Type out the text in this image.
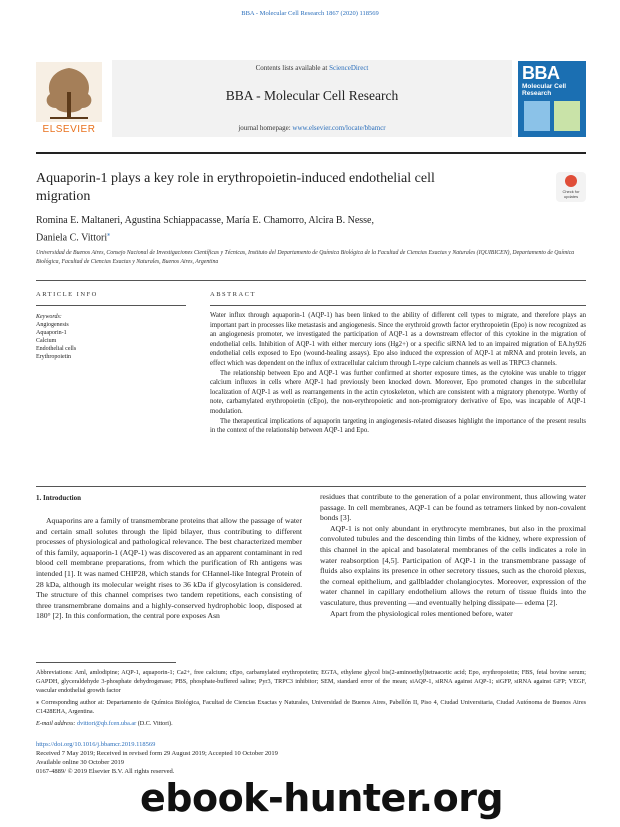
BBA - Molecular Cell Research 1867 (2020) 118569
ELSEVIER
Contents lists available at ScienceDirect
BBA - Molecular Cell Research
journal homepage: www.elsevier.com/locate/bbamcr
BBA
Molecular Cell Research
Aquaporin-1 plays a key role in erythropoietin-induced endothelial cell migration	Check for updates
Romina E. Maltaneri, Agustina Schiappacasse, María E. Chamorro, Alcira B. Nesse,
Daniela C. Vittori⁎
Universidad de Buenos Aires, Consejo Nacional de Investigaciones Científicas y Técnicas, Instituto del Departamento de Química Biológica de la Facultad de Ciencias Exactas y Naturales (IQUIBICEN), Departamento de Química Biológica, Facultad de Ciencias Exactas y Naturales, Buenos Aires, Argentina
ARTICLE INFO	ABSTRACT
Keywords:
Angiogenesis
Aquaporin-1
Calcium
Endothelial cells
Erythropoietin

Water influx through aquaporin-1 (AQP-1) has been linked to the ability of different cell types to migrate, and therefore plays an important part in processes like metastasis and angiogenesis. Since the erythroid growth factor erythropoietin (Epo) is now recognized as an angiogenesis promoter, we investigated the participation of AQP-1 as a downstream effector of this cytokine in the migration of endothelial cells. Inhibition of AQP-1 with either mercury ions (Hg2+) or a specific siRNA led to an impaired migration of EA.hy926 endothelial cells exposed to Epo (wound-healing assays). Epo also induced the expression of AQP-1 at mRNA and protein levels, an effect which was dependent on the influx of extracellular calcium through L-type calcium channels as well as TRPC3 channels.

The relationship between Epo and AQP-1 was further confirmed at shorter exposure times, as the cytokine was unable to trigger calcium influxes in cells where AQP-1 had previously been knocked down. Moreover, Epo promoted changes in the subcellular localization of AQP-1 as well as rearrangements in the actin cytoskeleton, which are consistent with a migratory phenotype. Worthy of note, carbamylated erythropoietin (cEpo), the non-erythropoietic and non-promigratory derivative of Epo, was incapable of AQP-1 modulation.

The therapeutical implications of aquaporin targeting in angiogenesis-related diseases highlight the importance of the present results in the context of the relationship between AQP-1 and Epo.

1. Introduction

Aquaporins are a family of transmembrane proteins that allow the passage of water and certain small solutes through the lipid bilayer, thus contributing to different processes of physiological and pathological relevance. The best characterized member of this family, aquaporin-1 (AQP-1) was discovered as an apparent contaminant in red blood cell membrane preparations, from which the purification of Rh antigens was intended [1]. It was named CHIP28, which stands for CHannel-like Integral Protein of 28 kDa, although its molecular weight rises to 36 kDa if glycosylation is considered. The structure of this channel comprises two tandem repetitions, each consisting of three transmembrane domains and a highly-conserved hydrophobic loop, disposed at 180° [2]. In this conformation, the central pore exposes Asn

residues that contribute to the generation of a polar environment, thus allowing water passage. In cell membranes, AQP-1 can be found as tetramers linked by non-covalent bonds [3].

AQP-1 is not only abundant in erythrocyte membranes, but also in the proximal convoluted tubules and the descending thin limbs of the kidney, where expression of this channel in the apical and basolateral membranes of the cells indicates a role in water reabsorption [4,5]. Participation of AQP-1 in the transmembrane passage of fluids also explains its presence in other secretory tissues, such as the choroid plexus, the corneal epithelium, and gallbladder cholangiocytes. Moreover, expression of the water channel in capillary endothelium allows the return of tissue fluids into the vasculature, thus preventing —and eventually helping dissipate— edema [2].

Apart from the physiological roles mentioned before, water

Abbreviations: Aml, amlodipine; AQP-1, aquaporin-1; Ca2+, free calcium; cEpo, carbamylated erythropoietin; EGTA, ethylene glycol bis(2-aminoethyl)tetraacetic acid; Epo, erythropoietin; FBS, fetal bovine serum; GAPDH, glyceraldehyde 3-phosphate dehydrogenase; PBS, phosphate-buffered saline; Pyr3, TRPC3 inhibitor; SEM, standard error of the mean; siAQP-1, siRNA against AQP-1; siGFP, siRNA against GFP; VEGF, vascular endothelial growth factor

⁎ Corresponding author at: Departamento de Química Biológica, Facultad de Ciencias Exactas y Naturales, Universidad de Buenos Aires, Pabellón II, Piso 4, Ciudad Universitaria, Ciudad Autónoma de Buenos Aires C1428EHA, Argentina.

E-mail address: dvittori@qb.fcen.uba.ar (D.C. Vittori).

https://doi.org/10.1016/j.bbamcr.2019.118569
Received 7 May 2019; Received in revised form 29 August 2019; Accepted 10 October 2019
Available online 30 October 2019
0167-4889/ © 2019 Elsevier B.V. All rights reserved.
ebook-hunter.org
